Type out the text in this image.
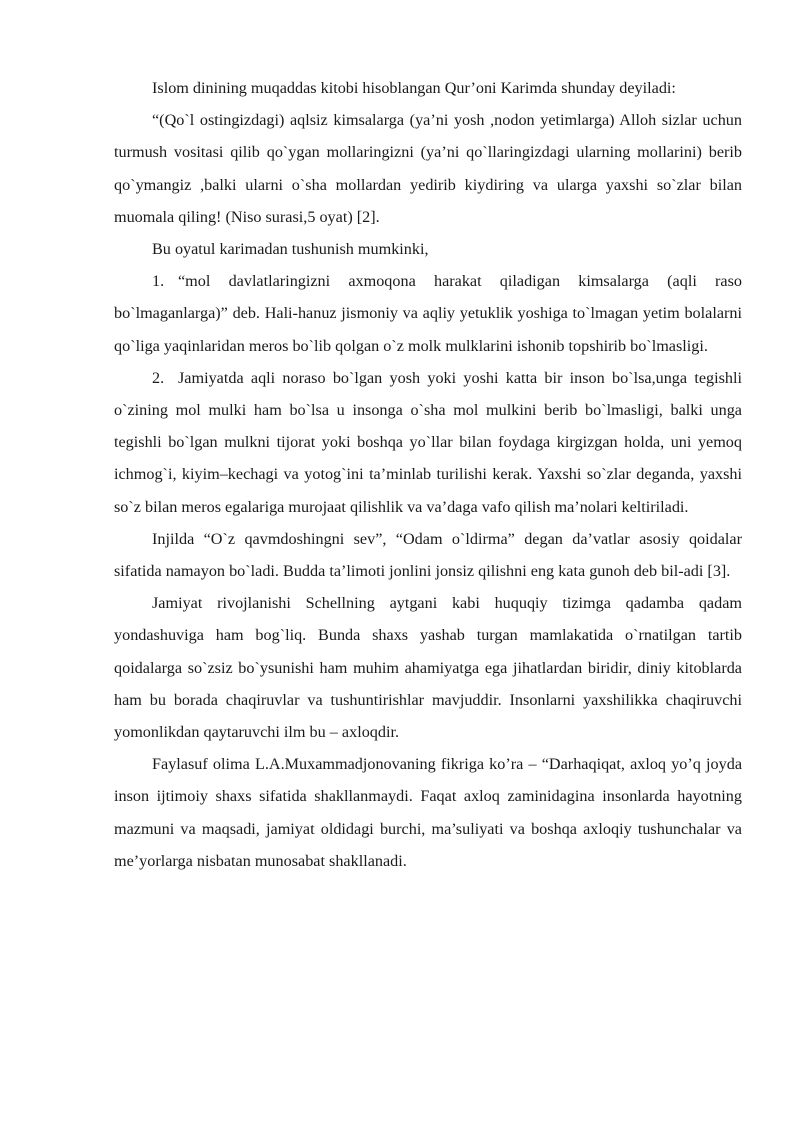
Islom dinining muqaddas kitobi hisoblangan Qur’oni Karimda shunday deyiladi:

“(Qo`l ostingizdagi) aqlsiz kimsalarga (ya’ni yosh ,nodon yetimlarga) Alloh sizlar uchun turmush vositasi qilib qo`ygan mollaringizni (ya’ni qo`llaringizdagi ularning mollarini) berib qo`ymangiz ,balki ularni o`sha mollardan yedirib kiydiring va ularga yaxshi so`zlar bilan muomala qiling! (Niso surasi,5 oyat) [2].

Bu oyatul karimadan tushunish mumkinki,

1. “mol davlatlaringizni axmoqona harakat qiladigan kimsalarga (aqli raso bo`lmaganlarga)” deb. Hali-hanuz jismoniy va aqliy yetuklik yoshiga to`lmagan yetim bolalarni qo`liga yaqinlaridan meros bo`lib qolgan o`z molk mulklarini ishonib topshirib bo`lmasligi.

2. Jamiyatda aqli noraso bo`lgan yosh yoki yoshi katta bir inson bo`lsa,unga tegishli o`zining mol mulki ham bo`lsa u insonga o`sha mol mulkini berib bo`lmasligi, balki unga tegishli bo`lgan mulkni tijorat yoki boshqa yo`llar bilan foydaga kirgizgan holda, uni yemoq ichmog`i, kiyim–kechagi va yotog`ini ta’minlab turilishi kerak. Yaxshi so`zlar deganda, yaxshi so`z bilan meros egalariga murojaat qilishlik va va’daga vafo qilish ma’nolari keltiriladi.

Injilda “O`z qavmdoshingni sev”, “Odam o`ldirma” degan da’vatlar asosiy qoidalar sifatida namayon bo`ladi. Budda ta’limoti jonlini jonsiz qilishni eng kata gunoh deb bil-adi [3].

Jamiyat rivojlanishi Schellning aytgani kabi huquqiy tizimga qadamba qadam yondashuviga ham bog`liq. Bunda shaxs yashab turgan mamlakatida o`rnatilgan tartib qoidalarga so`zsiz bo`ysunishi ham muhim ahamiyatga ega jihatlardan biridir, diniy kitoblarda ham bu borada chaqiruvlar va tushuntirishlar mavjuddir. Insonlarni yaxshilikka chaqiruvchi yomonlikdan qaytaruvchi ilm bu – axloqdir.

Faylasuf olima L.A.Muxammadjonovaning fikriga ko’ra – “Darhaqiqat, axloq yo’q joyda inson ijtimoiy shaxs sifatida shakllanmaydi. Faqat axloq zaminidagina insonlarda hayotning mazmuni va maqsadi, jamiyat oldidagi burchi, ma’suliyati va boshqa axloqiy tushunchalar va me’yorlarga nisbatan munosabat shakllanadi.
